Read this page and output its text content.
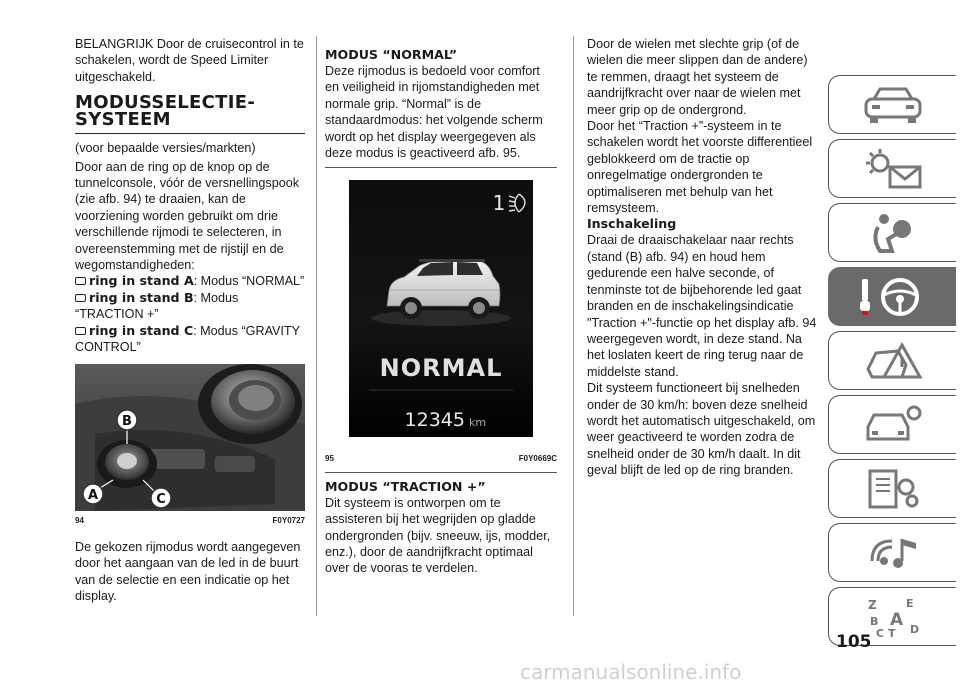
BELANGRIJK Door de cruisecontrol in te schakelen, wordt de Speed Limiter uitgeschakeld.

MODUSSELECTIE-SYSTEEM

(voor bepaalde versies/markten)

Door aan de ring op de knop op de tunnelconsole, vóór de versnellingspook (zie afb. 94) te draaien, kan de voorziening worden gebruikt om drie verschillende rijmodi te selecteren, in overeenstemming met de rijstijl en de wegomstandigheden:

ring in stand A: Modus “NORMAL”
ring in stand B: Modus “TRACTION +”
ring in stand C: Modus “GRAVITY CONTROL”
B
A	C
94	F0Y0727

De gekozen rijmodus wordt aangegeven door het aangaan van de led in de buurt van de selectie en een indicatie op het display.

MODUS “NORMAL”

Deze rijmodus is bedoeld voor comfort en veiligheid in rijomstandigheden met normale grip. “Normal” is de standaardmodus: het volgende scherm wordt op het display weergegeven als deze modus is geactiveerd afb. 95.

1
NORMAL
12345 km
95	F0Y0669C
MODUS “TRACTION +”

Dit systeem is ontworpen om te assisteren bij het wegrijden op gladde ondergronden (bijv. sneeuw, ijs, modder, enz.), door de aandrijfkracht optimaal over de vooras te verdelen.

Door de wielen met slechte grip (of de wielen die meer slippen dan de andere) te remmen, draagt het systeem de aandrijfkracht over naar de wielen met meer grip op de ondergrond.

Door het “Traction +”-systeem in te schakelen wordt het voorste differentieel geblokkeerd om de tractie op onregelmatige ondergronden te optimaliseren met behulp van het remsysteem.

Inschakeling

Draai de draaischakelaar naar rechts (stand (B) afb. 94) en houd hem gedurende een halve seconde, of tenminste tot de bijbehorende led gaat branden en de inschakelingsindicatie "Traction +"-functie op het display afb. 94 weergegeven wordt, in deze stand. Na het loslaten keert de ring terug naar de middelste stand.

Dit systeem functioneert bij snelheden onder de 30 km/h: boven deze snelheid wordt het automatisch uitgeschakeld, om weer geactiveerd te worden zodra de snelheid onder de 30 km/h daalt. In dit geval blijft de led op de ring branden.

Z	E
B A
C T D
105
carmanualsonline.info
